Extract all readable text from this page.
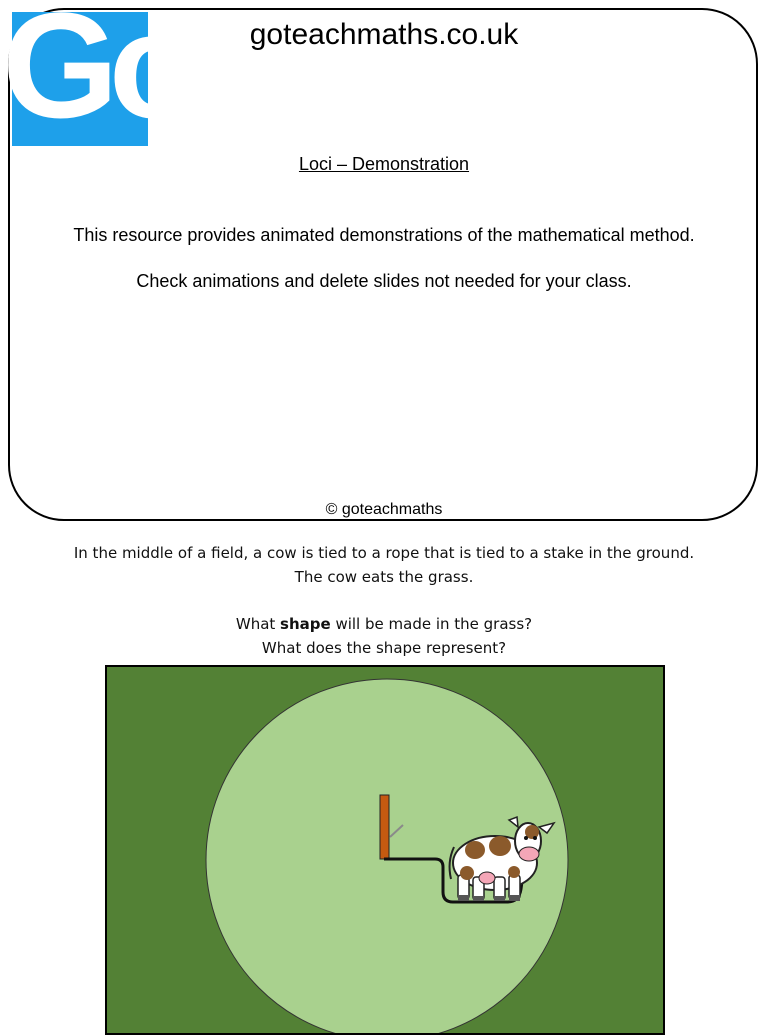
Go! goteachmaths.co.uk
Loci – Demonstration
This resource provides animated demonstrations of the mathematical method.
Check animations and delete slides not needed for your class.
© goteachmaths
In the middle of a field, a cow is tied to a rope that is tied to a stake in the ground.
The cow eats the grass.
What shape will be made in the grass?
What does the shape represent?
